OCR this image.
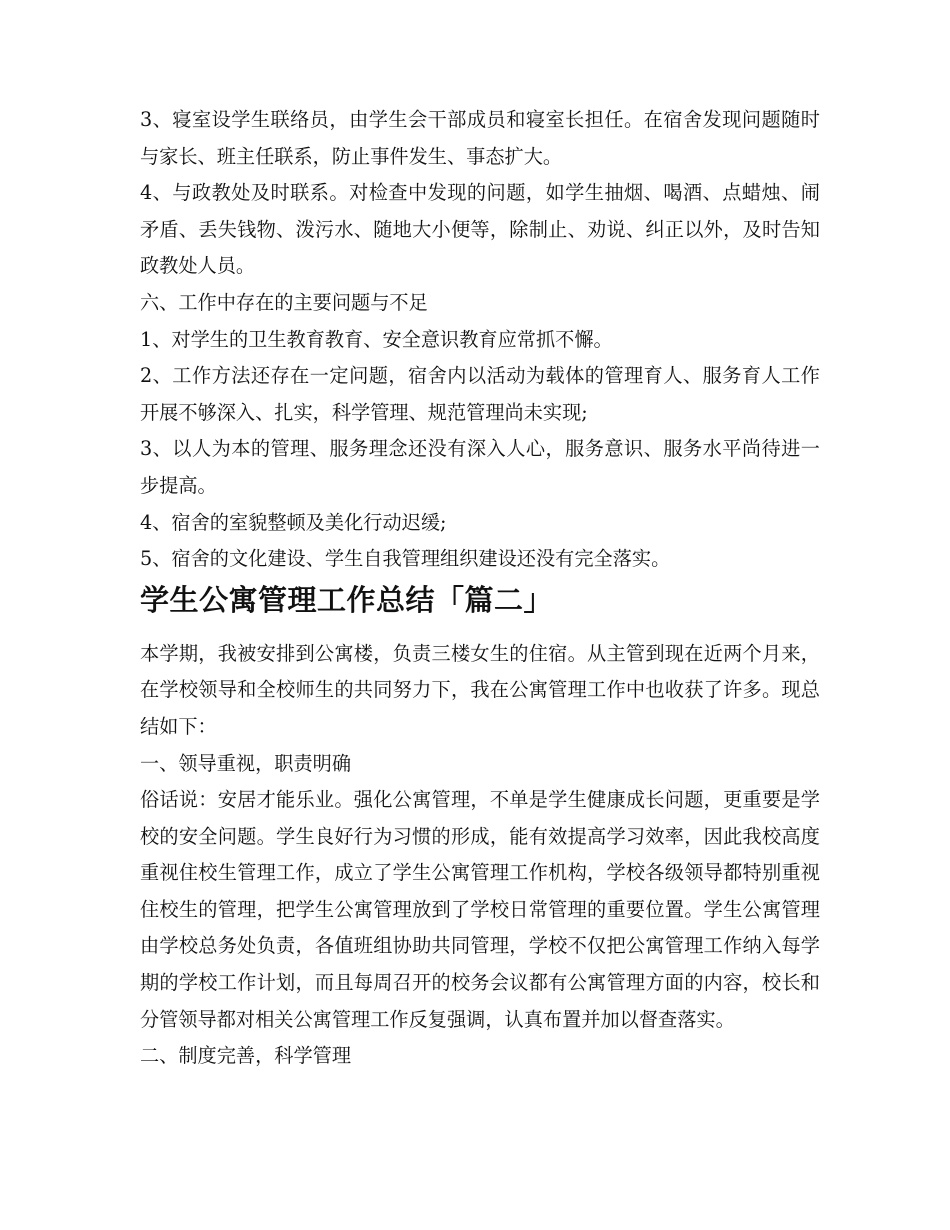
3、寝室设学生联络员，由学生会干部成员和寝室长担任。在宿舍发现问题随时与家长、班主任联系，防止事件发生、事态扩大。

4、与政教处及时联系。对检查中发现的问题，如学生抽烟、喝酒、点蜡烛、闹矛盾、丢失钱物、泼污水、随地大小便等，除制止、劝说、纠正以外，及时告知政教处人员。

六、工作中存在的主要问题与不足

1、对学生的卫生教育教育、安全意识教育应常抓不懈。

2、工作方法还存在一定问题，宿舍内以活动为载体的管理育人、服务育人工作开展不够深入、扎实，科学管理、规范管理尚未实现;

3、以人为本的管理、服务理念还没有深入人心，服务意识、服务水平尚待进一步提高。

4、宿舍的室貌整顿及美化行动迟缓;

5、宿舍的文化建设、学生自我管理组织建设还没有完全落实。

学生公寓管理工作总结「篇二」

本学期，我被安排到公寓楼，负责三楼女生的住宿。从主管到现在近两个月来，在学校领导和全校师生的共同努力下，我在公寓管理工作中也收获了许多。现总结如下：

一、领导重视，职责明确

俗话说：安居才能乐业。强化公寓管理，不单是学生健康成长问题，更重要是学校的安全问题。学生良好行为习惯的形成，能有效提高学习效率，因此我校高度重视住校生管理工作，成立了学生公寓管理工作机构，学校各级领导都特别重视住校生的管理，把学生公寓管理放到了学校日常管理的重要位置。学生公寓管理由学校总务处负责，各值班组协助共同管理，学校不仅把公寓管理工作纳入每学期的学校工作计划，而且每周召开的校务会议都有公寓管理方面的内容，校长和分管领导都对相关公寓管理工作反复强调，认真布置并加以督查落实。

二、制度完善，科学管理
